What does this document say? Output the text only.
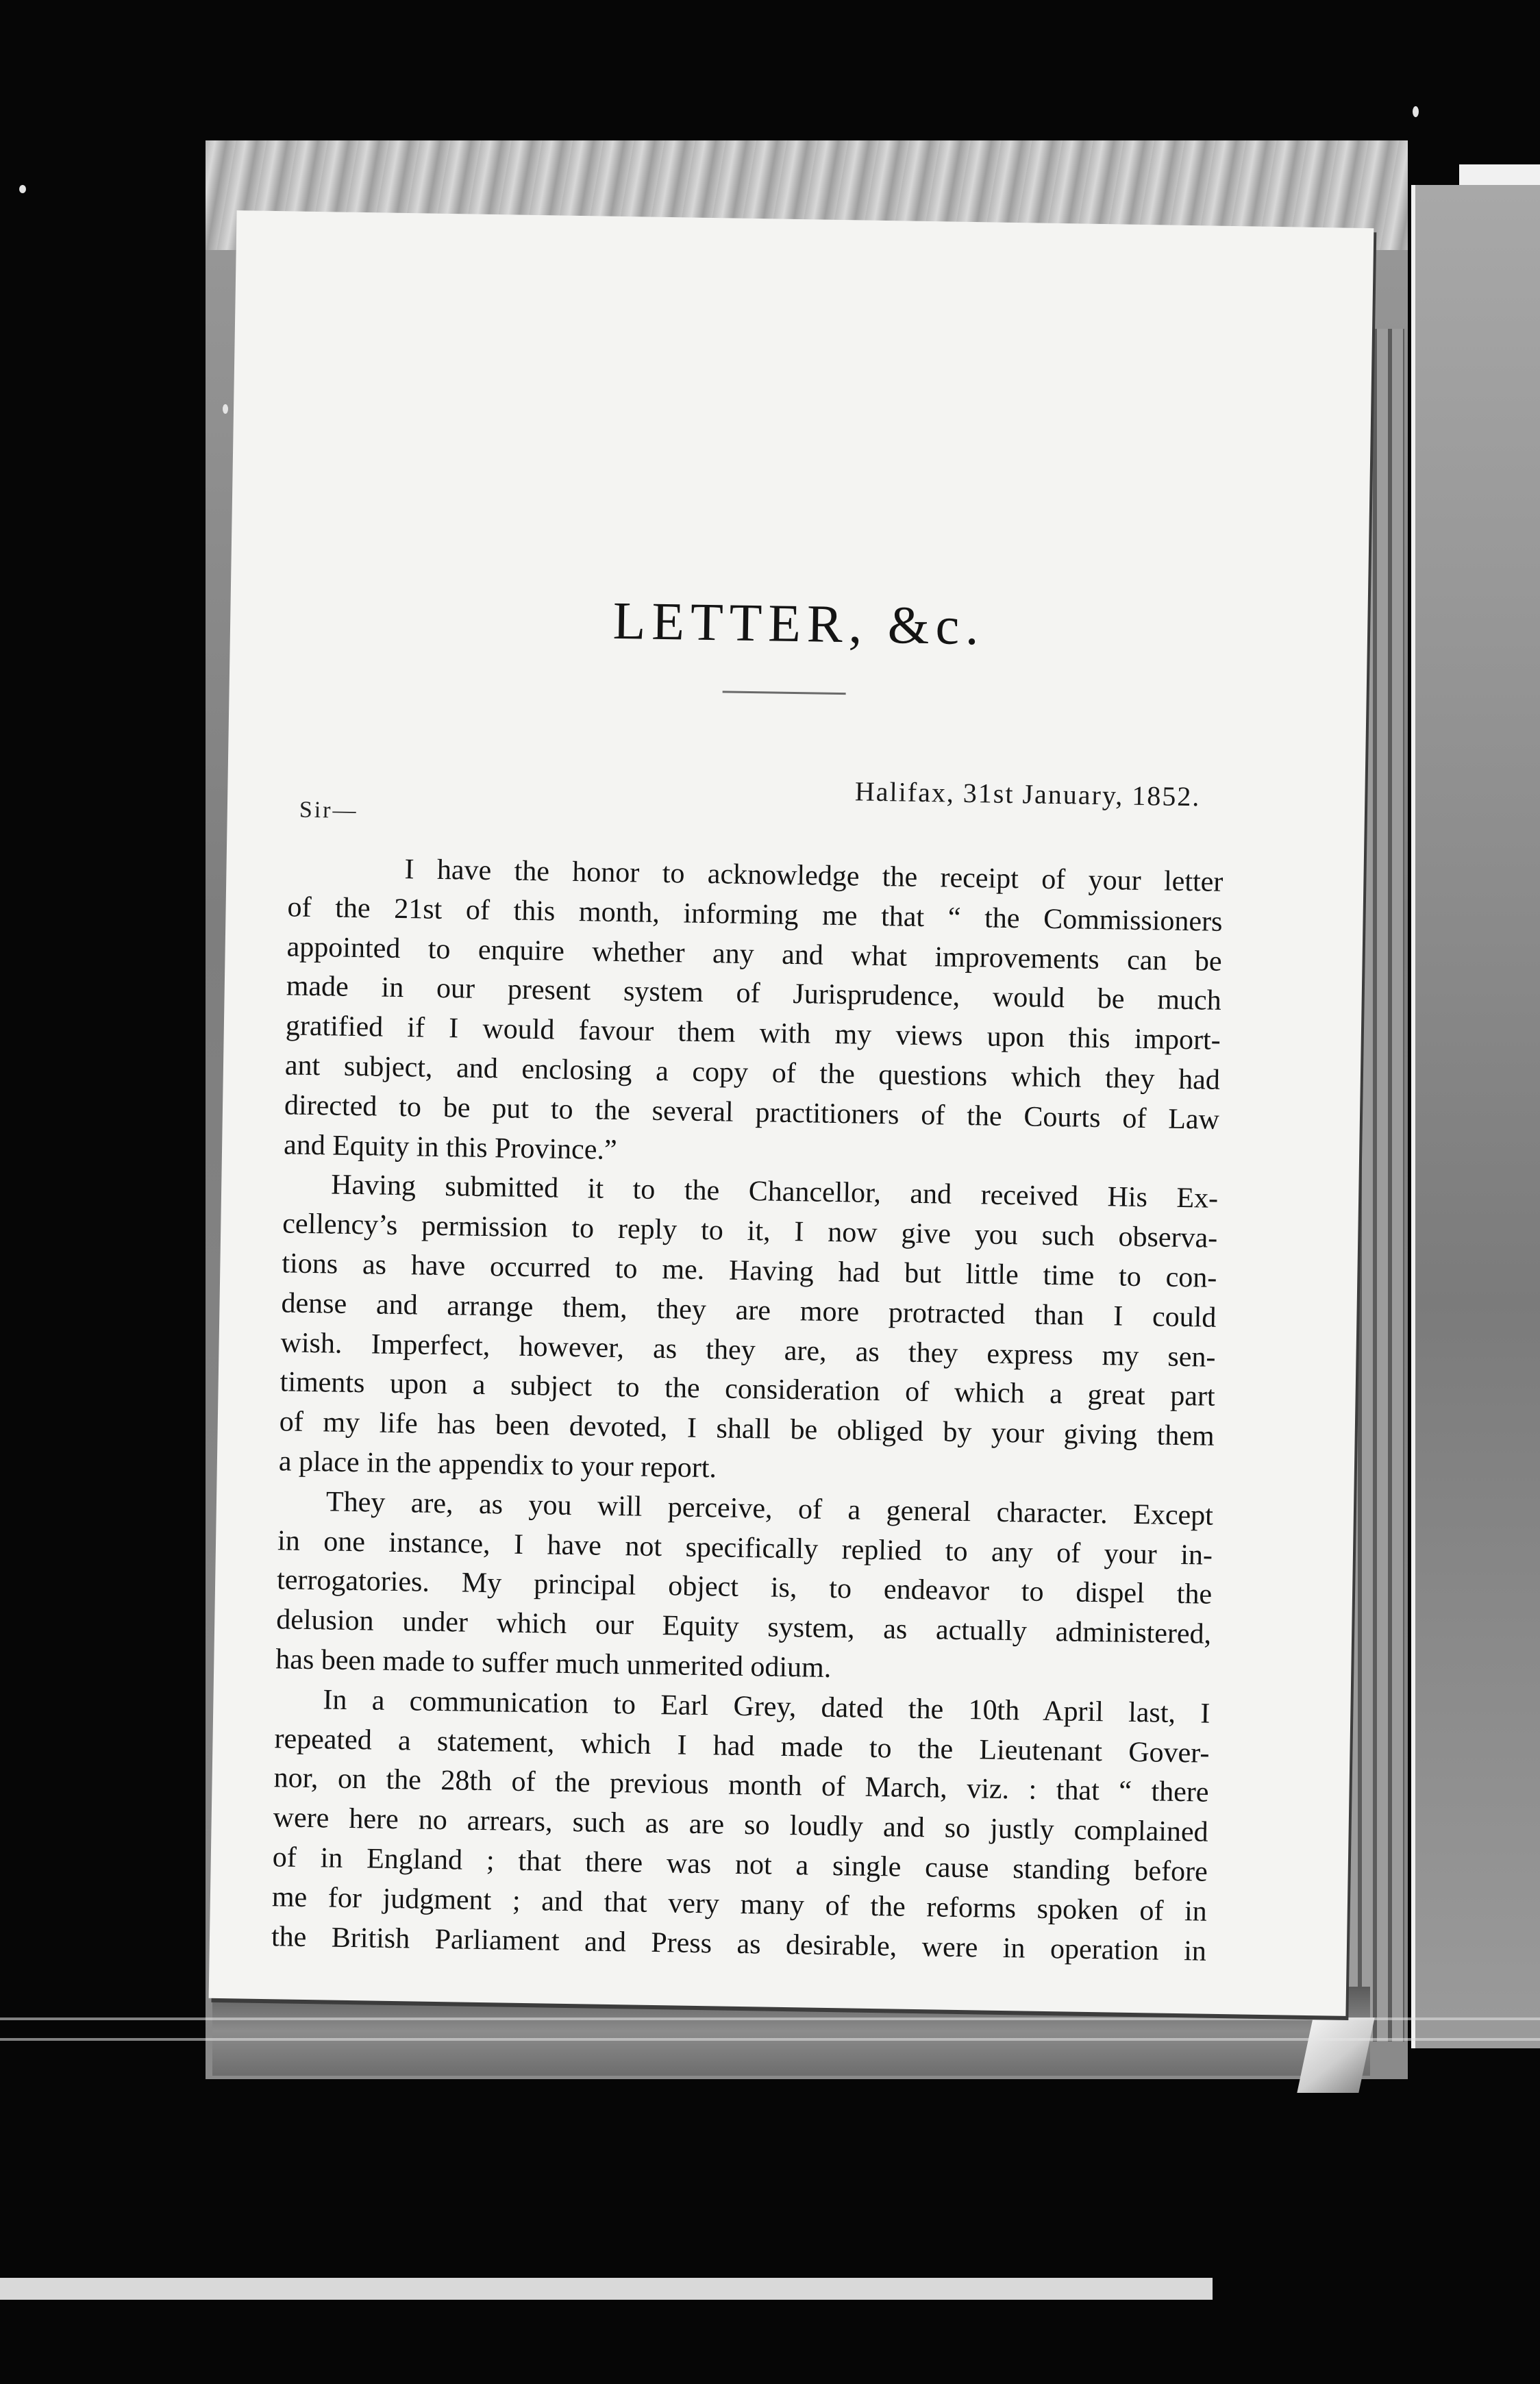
LETTER, &c.
Halifax, 31st January, 1852.
Sir—
I have the honor to acknowledge the receipt of your letter
of the 21st of this month, informing me that “ the Commissioners
appointed to enquire whether any and what improvements can be
made in our present system of Jurisprudence, would be much
gratified if I would favour them with my views upon this import-
ant subject, and enclosing a copy of the questions which they had
directed to be put to the several practitioners of the Courts of Law
and Equity in this Province.”
Having submitted it to the Chancellor, and received His Ex-
cellency’s permission to reply to it, I now give you such observa-
tions as have occurred to me. Having had but little time to con-
dense and arrange them, they are more protracted than I could
wish. Imperfect, however, as they are, as they express my sen-
timents upon a subject to the consideration of which a great part
of my life has been devoted, I shall be obliged by your giving them
a place in the appendix to your report.
They are, as you will perceive, of a general character. Except
in one instance, I have not specifically replied to any of your in-
terrogatories. My principal object is, to endeavor to dispel the
delusion under which our Equity system, as actually administered,
has been made to suffer much unmerited odium.
In a communication to Earl Grey, dated the 10th April last, I
repeated a statement, which I had made to the Lieutenant Gover-
nor, on the 28th of the previous month of March, viz. : that “ there
were here no arrears, such as are so loudly and so justly complained
of in England ; that there was not a single cause standing before
me for judgment ; and that very many of the reforms spoken of in
the British Parliament and Press as desirable, were in operation in
